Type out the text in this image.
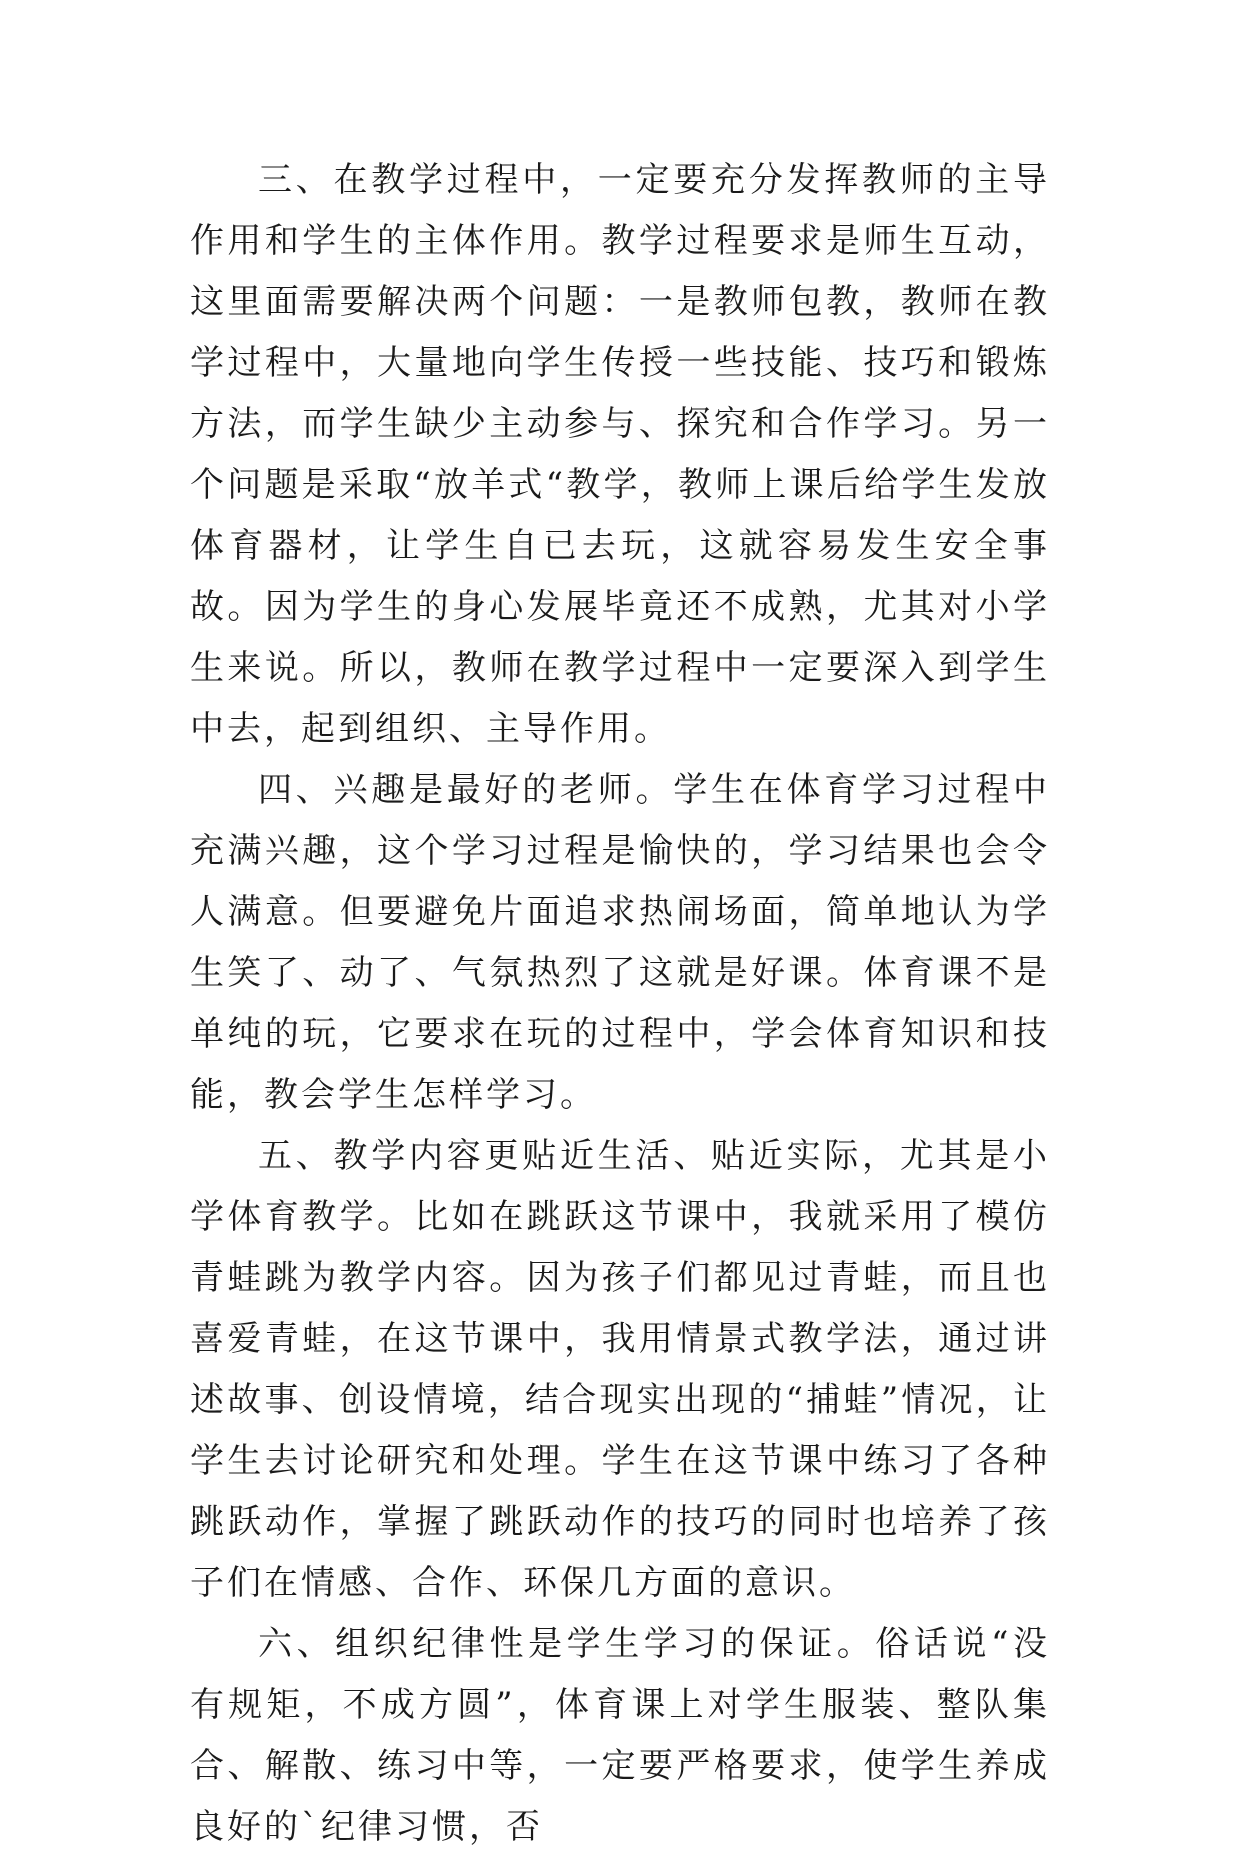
三、在教学过程中，一定要充分发挥教师的主导作用和学生的主体作用。教学过程要求是师生互动，这里面需要解决两个问题：一是教师包教，教师在教学过程中，大量地向学生传授一些技能、技巧和锻炼方法，而学生缺少主动参与、探究和合作学习。另一个问题是采取“放羊式“教学，教师上课后给学生发放体育器材，让学生自已去玩，这就容易发生安全事故。因为学生的身心发展毕竟还不成熟，尤其对小学生来说。所以，教师在教学过程中一定要深入到学生中去，起到组织、主导作用。

四、兴趣是最好的老师。学生在体育学习过程中充满兴趣，这个学习过程是愉快的，学习结果也会令人满意。但要避免片面追求热闹场面，简单地认为学生笑了、动了、气氛热烈了这就是好课。体育课不是单纯的玩，它要求在玩的过程中，学会体育知识和技能，教会学生怎样学习。

五、教学内容更贴近生活、贴近实际，尤其是小学体育教学。比如在跳跃这节课中，我就采用了模仿青蛙跳为教学内容。因为孩子们都见过青蛙，而且也喜爱青蛙，在这节课中，我用情景式教学法，通过讲述故事、创设情境，结合现实出现的“捕蛙”情况，让学生去讨论研究和处理。学生在这节课中练习了各种跳跃动作，掌握了跳跃动作的技巧的同时也培养了孩子们在情感、合作、环保几方面的意识。

六、组织纪律性是学生学习的保证。俗话说“没有规矩，不成方圆”，体育课上对学生服装、整队集合、解散、练习中等，一定要严格要求，使学生养成良好的`纪律习惯，否
